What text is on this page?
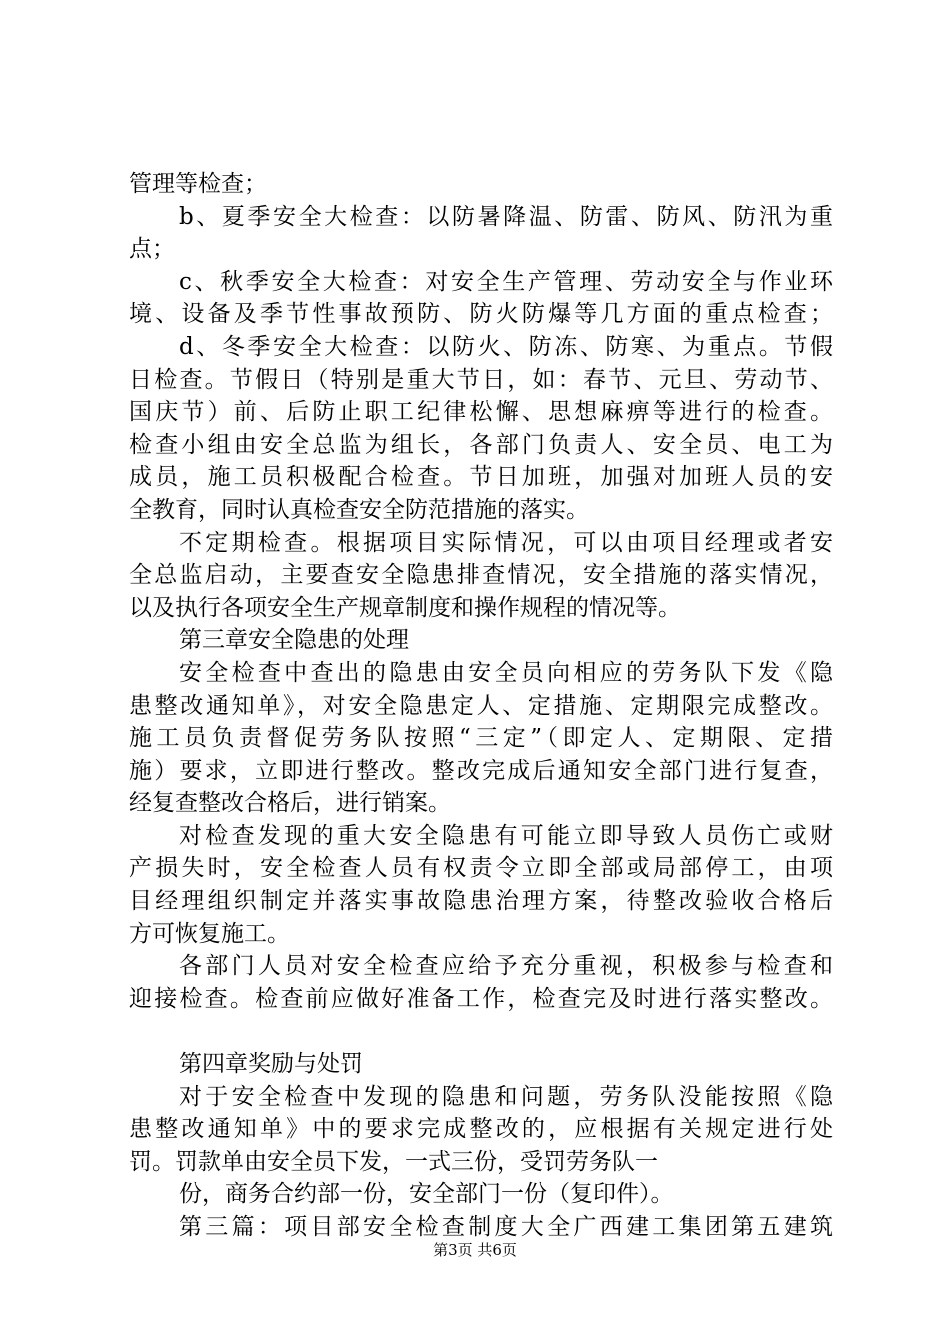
管理等检查；
b、夏季安全大检查：以防暑降温、防雷、防风、防汛为重
点；
c、秋季安全大检查：对安全生产管理、劳动安全与作业环
境、设备及季节性事故预防、防火防爆等几方面的重点检查；
d、冬季安全大检查：以防火、防冻、防寒、为重点。节假
日检查。节假日（特别是重大节日，如：春节、元旦、劳动节、
国庆节）前、后防止职工纪律松懈、思想麻痹等进行的检查。
检查小组由安全总监为组长，各部门负责人、安全员、电工为
成员，施工员积极配合检查。节日加班，加强对加班人员的安
全教育，同时认真检查安全防范措施的落实。
不定期检查。根据项目实际情况，可以由项目经理或者安
全总监启动，主要查安全隐患排查情况，安全措施的落实情况，
以及执行各项安全生产规章制度和操作规程的情况等。
第三章安全隐患的处理
安全检查中查出的隐患由安全员向相应的劳务队下发《隐
患整改通知单》，对安全隐患定人、定措施、定期限完成整改。
施工员负责督促劳务队按照“三定”（即定人、定期限、定措
施）要求，立即进行整改。整改完成后通知安全部门进行复查，
经复查整改合格后，进行销案。
对检查发现的重大安全隐患有可能立即导致人员伤亡或财
产损失时，安全检查人员有权责令立即全部或局部停工，由项
目经理组织制定并落实事故隐患治理方案，待整改验收合格后
方可恢复施工。
各部门人员对安全检查应给予充分重视，积极参与检查和
迎接检查。检查前应做好准备工作，检查完及时进行落实整改。
第四章奖励与处罚
对于安全检查中发现的隐患和问题，劳务队没能按照《隐
患整改通知单》中的要求完成整改的，应根据有关规定进行处
罚。罚款单由安全员下发，一式三份，受罚劳务队一
份，商务合约部一份，安全部门一份（复印件）。
第三篇：项目部安全检查制度大全广西建工集团第五建筑
第3页 共6页
